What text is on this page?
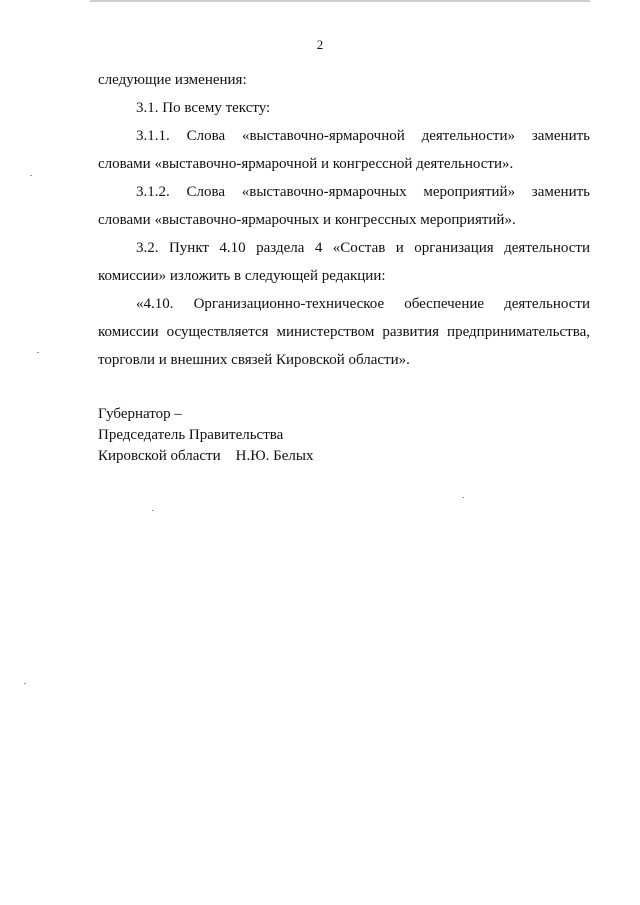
2
следующие изменения:
3.1. По всему тексту:
3.1.1. Слова «выставочно-ярмарочной деятельности» заменить
словами «выставочно-ярмарочной и конгрессной деятельности».
3.1.2. Слова «выставочно-ярмарочных мероприятий» заменить
словами «выставочно-ярмарочных и конгрессных мероприятий».
3.2. Пункт 4.10 раздела 4 «Состав и организация деятельности
комиссии» изложить в следующей редакции:
«4.10. Организационно-техническое обеспечение деятельности
комиссии осуществляется министерством развития предпринимательства,
торговли и внешних связей Кировской области».
Губернатор –
Председатель Правительства
Кировской области    Н.Ю. Белых
